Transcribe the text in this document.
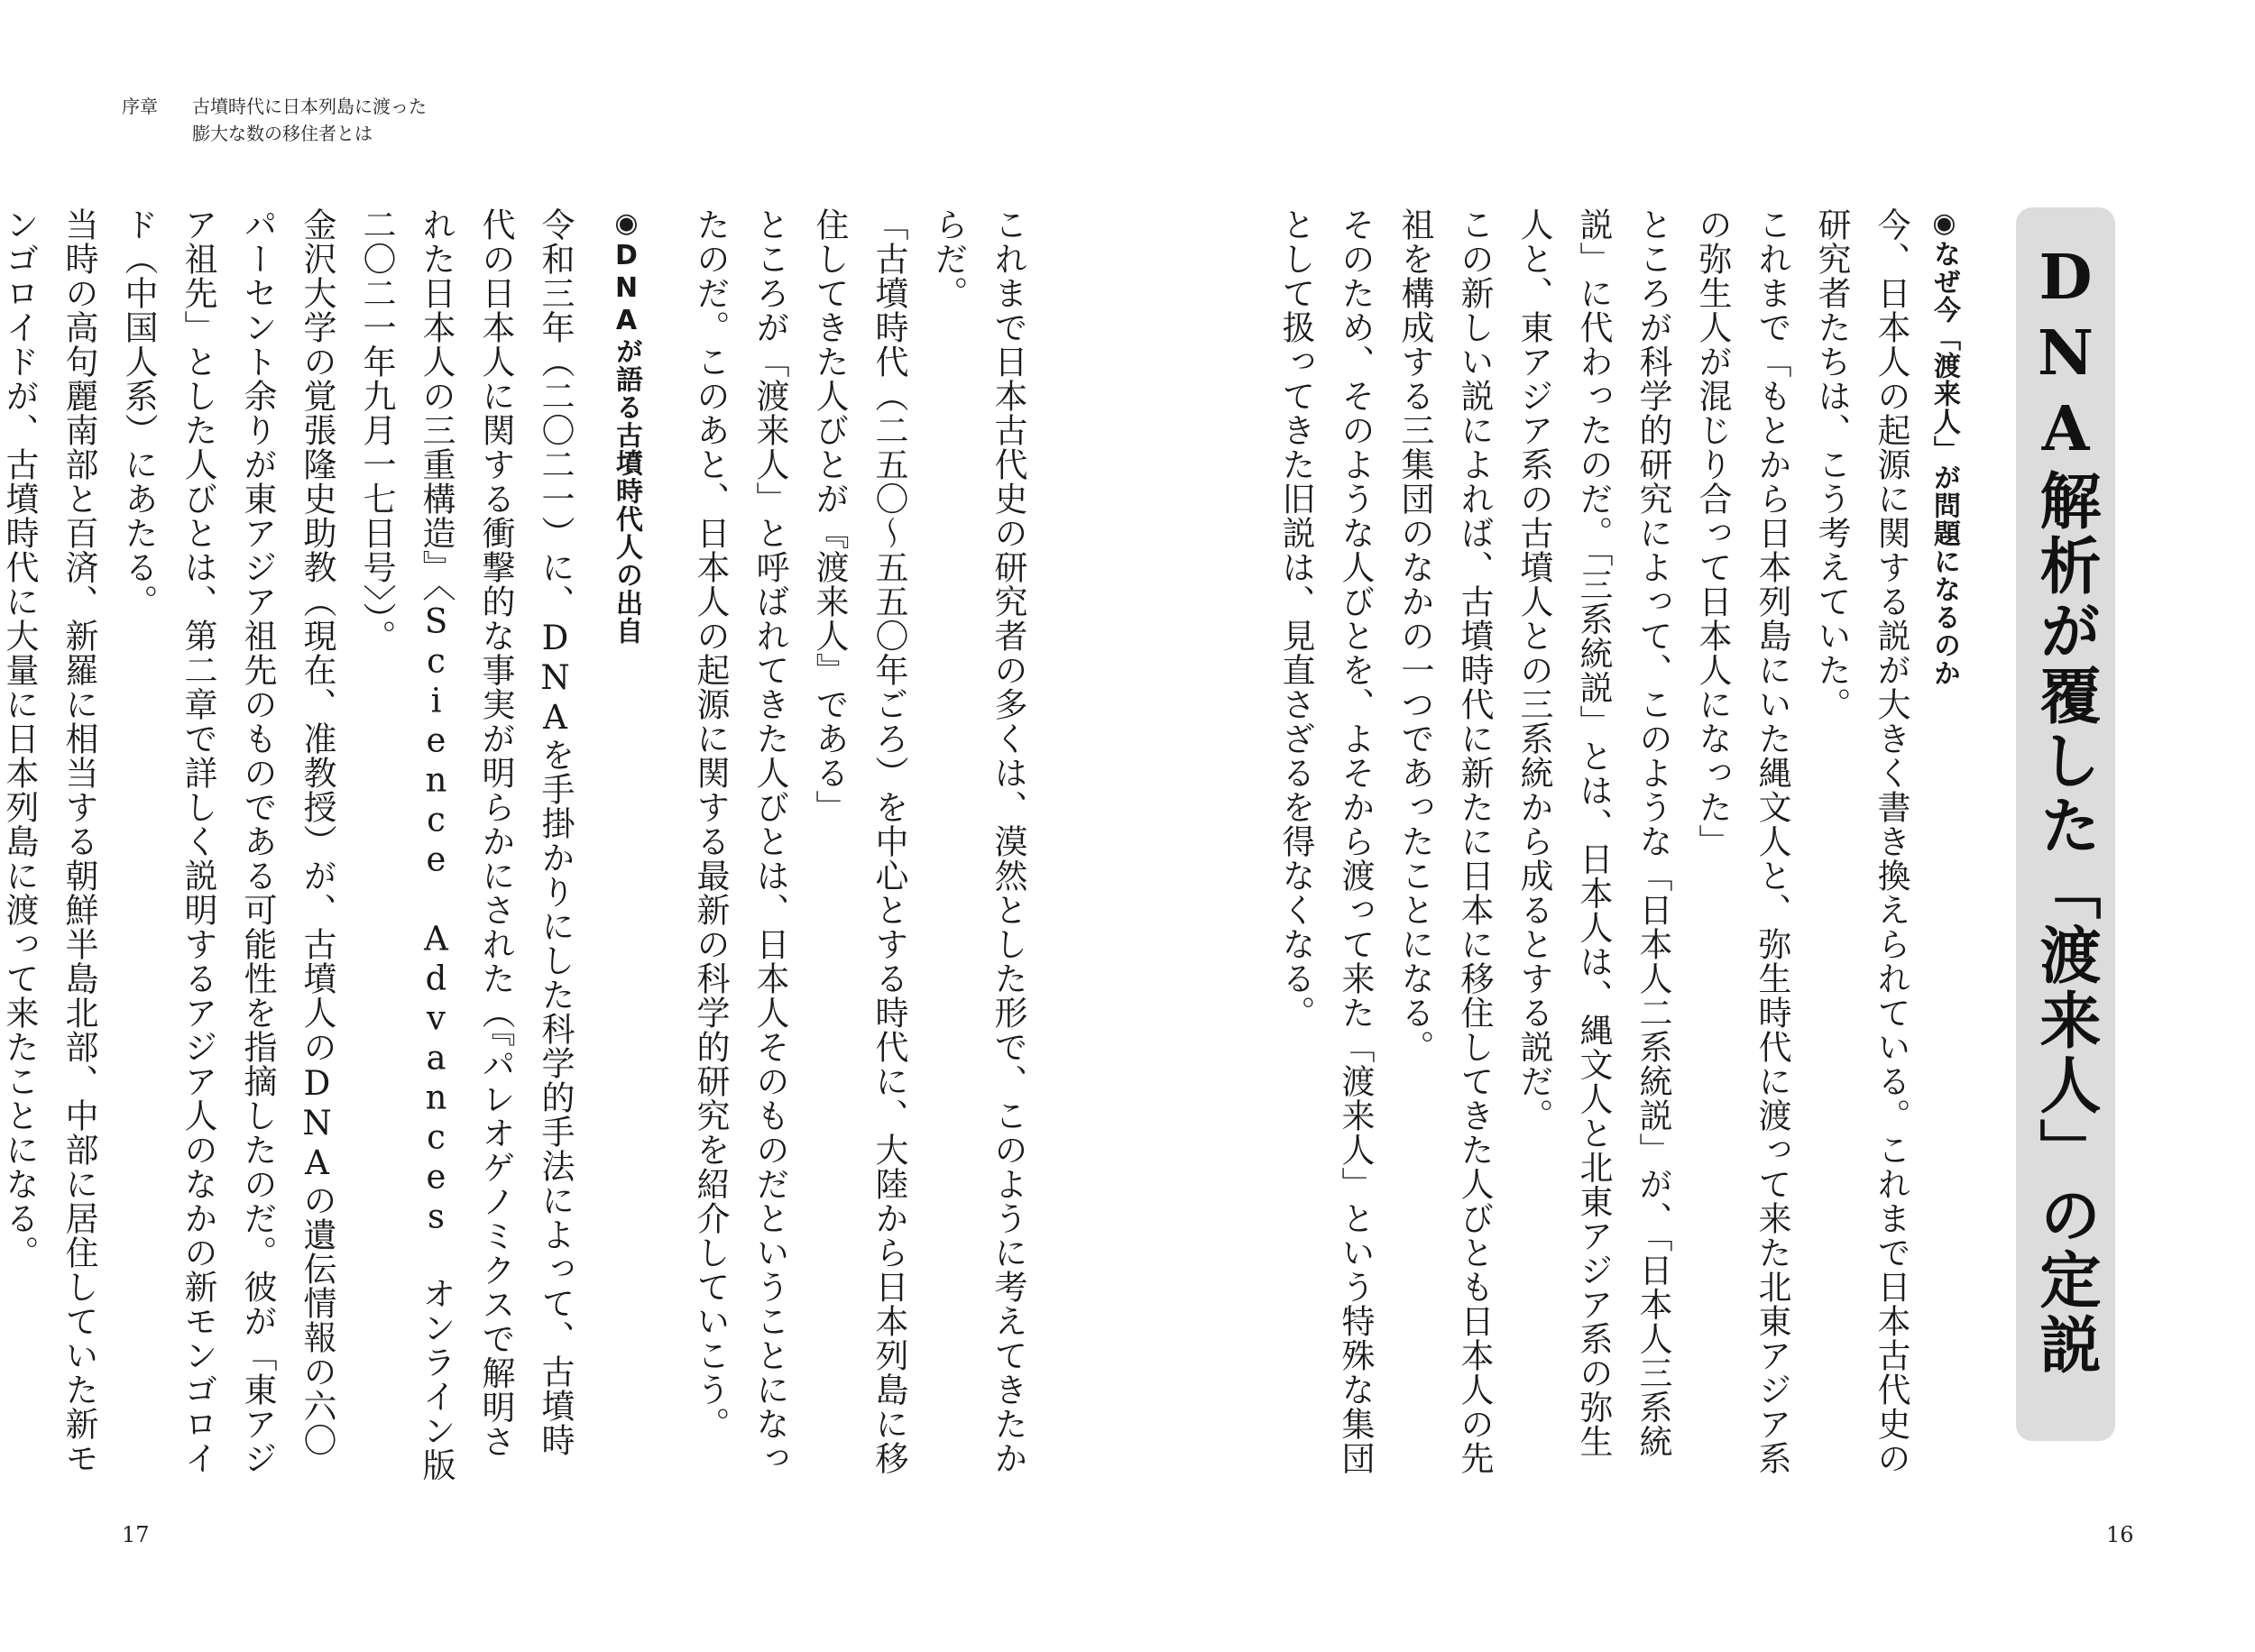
序章 古墳時代に日本列島に渡った
膨大な数の移住者とは
DNA解析が覆した「渡来人」の定説
◉なぜ今「渡来人」が問題になるのか
今、日本人の起源に関する説が大きく書き換えられている。これまで日本古代史の研究者たちは、こう考えていた。
これまで「もとから日本列島にいた縄文人と、弥生時代に渡って来た北東アジア系の弥生人が混じり合って日本人になった」
ところが科学的研究によって、このような「日本人二系統説」が、「日本人三系統説」に代わったのだ。「三系統説」とは、日本人は、縄文人と北東アジア系の弥生人と、東アジア系の古墳人との三系統から成るとする説だ。
この新しい説によれば、古墳時代に新たに日本に移住してきた人びとも日本人の先祖を構成する三集団のなかの一つであったことになる。
そのため、そのような人びとを、よそから渡って来た「渡来人」という特殊な集団として扱ってきた旧説は、見直さざるを得なくなる。
これまで日本古代史の研究者の多くは、漠然とした形で、このように考えてきたからだ。
「古墳時代（二五〇～五五〇年ごろ）を中心とする時代に、大陸から日本列島に移住してきた人びとが『渡来人』である」
ところが「渡来人」と呼ばれてきた人びとは、日本人そのものだということになったのだ。このあと、日本人の起源に関する最新の科学的研究を紹介していこう。
◉DNAが語る古墳時代人の出自
令和三年（二〇二一）に、DNAを手掛かりにした科学的手法によって、古墳時代の日本人に関する衝撃的な事実が明らかにされた（『パレオゲノミクスで解明された日本人の三重構造』〈Science Advances オンライン版二〇二一年九月一七日号〉）。
金沢大学の覚張隆史助教（現在、准教授）が、古墳人のDNAの遺伝情報の六〇パーセント余りが東アジア祖先のものである可能性を指摘したのだ。彼が「東アジア祖先」とした人びとは、第二章で詳しく説明するアジア人のなかの新モンゴロイド（中国人系）にあたる。
当時の高句麗南部と百済、新羅に相当する朝鮮半島北部、中部に居住していた新モンゴロイドが、古墳時代に大量に日本列島に渡って来たことになる。
17	16
